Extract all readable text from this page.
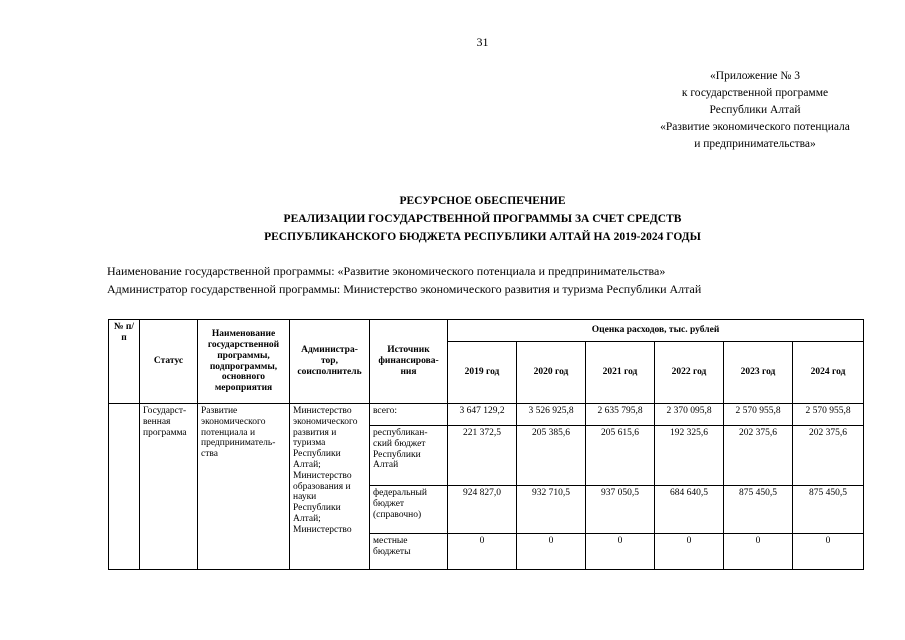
31
«Приложение № 3
к государственной программе
Республики Алтай
«Развитие экономического потенциала
и предпринимательства»
РЕСУРСНОЕ ОБЕСПЕЧЕНИЕ
РЕАЛИЗАЦИИ ГОСУДАРСТВЕННОЙ ПРОГРАММЫ ЗА СЧЕТ СРЕДСТВ
РЕСПУБЛИКАНСКОГО БЮДЖЕТА РЕСПУБЛИКИ АЛТАЙ НА 2019-2024 ГОДЫ
Наименование государственной программы: «Развитие экономического потенциала и предпринимательства»
Администратор государственной программы: Министерство экономического развития и туризма Республики Алтай
№ п/п	Статус	Наименование государственной программы, подпрограммы, основного мероприятия	Администра-тор, соисполнитель	Источник финансирова-ния	Оценка расходов, тыс. рублей					
					2019 год	2020 год	2021 год	2022 год	2023 год	2024 год
	Государст-венная программа	Развитие экономического потенциала и предприниматель-ства	Министерство экономического развития и туризма Республики Алтай; Министерство образования и науки Республики Алтай; Министерство	всего:	3 647 129,2	3 526 925,8	2 635 795,8	2 370 095,8	2 570 955,8	2 570 955,8
				республикан-ский бюджет Республики Алтай	221 372,5	205 385,6	205 615,6	192 325,6	202 375,6	202 375,6
				федеральный бюджет (справочно)	924 827,0	932 710,5	937 050,5	684 640,5	875 450,5	875 450,5
				местные бюджеты	0	0	0	0	0	0
